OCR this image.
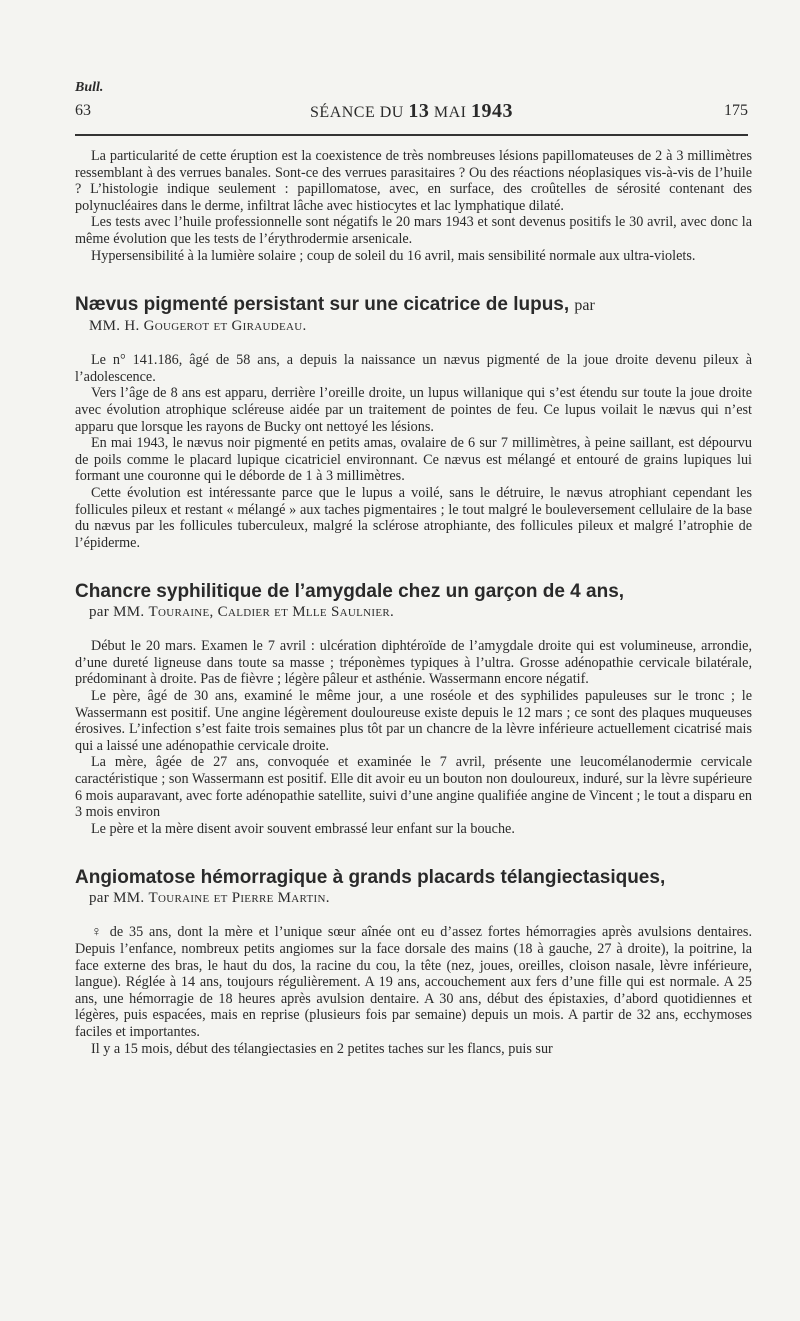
Bull.
63	SÉANCE DU 13 MAI 1943	175

La particularité de cette éruption est la coexistence de très nombreuses lésions papillomateuses de 2 à 3 millimètres ressemblant à des verrues banales. Sont-ce des verrues parasitaires ? Ou des réactions néoplasiques vis-à-vis de l’huile ? L’histologie indique seulement : papillomatose, avec, en surface, des croûtelles de sérosité contenant des polynucléaires dans le derme, infiltrat lâche avec histiocytes et lac lymphatique dilaté.

Les tests avec l’huile professionnelle sont négatifs le 20 mars 1943 et sont devenus positifs le 30 avril, avec donc la même évolution que les tests de l’érythrodermie arsenicale.

Hypersensibilité à la lumière solaire ; coup de soleil du 16 avril, mais sensibilité normale aux ultra-violets.

Nævus pigmenté persistant sur une cicatrice de lupus, par
MM. H. Gougerot et Giraudeau.

Le n° 141.186, âgé de 58 ans, a depuis la naissance un nævus pigmenté de la joue droite devenu pileux à l’adolescence.

Vers l’âge de 8 ans est apparu, derrière l’oreille droite, un lupus willanique qui s’est étendu sur toute la joue droite avec évolution atrophique scléreuse aidée par un traitement de pointes de feu. Ce lupus voilait le nævus qui n’est apparu que lorsque les rayons de Bucky ont nettoyé les lésions.

En mai 1943, le nævus noir pigmenté en petits amas, ovalaire de 6 sur 7 millimètres, à peine saillant, est dépourvu de poils comme le placard lupique cicatriciel environnant. Ce nævus est mélangé et entouré de grains lupiques lui formant une couronne qui le déborde de 1 à 3 millimètres.

Cette évolution est intéressante parce que le lupus a voilé, sans le détruire, le nævus atrophiant cependant les follicules pileux et restant « mélangé » aux taches pigmentaires ; le tout malgré le bouleversement cellulaire de la base du nævus par les follicules tuberculeux, malgré la sclérose atrophiante, des follicules pileux et malgré l’atrophie de l’épiderme.

Chancre syphilitique de l’amygdale chez un garçon de 4 ans,
par MM. Touraine, Caldier et Mlle Saulnier.

Début le 20 mars. Examen le 7 avril : ulcération diphtéroïde de l’amygdale droite qui est volumineuse, arrondie, d’une dureté ligneuse dans toute sa masse ; tréponèmes typiques à l’ultra. Grosse adénopathie cervicale bilatérale, prédominant à droite. Pas de fièvre ; légère pâleur et asthénie. Wassermann encore négatif.

Le père, âgé de 30 ans, examiné le même jour, a une roséole et des syphilides papuleuses sur le tronc ; le Wassermann est positif. Une angine légèrement douloureuse existe depuis le 12 mars ; ce sont des plaques muqueuses érosives. L’infection s’est faite trois semaines plus tôt par un chancre de la lèvre inférieure actuellement cicatrisé mais qui a laissé une adénopathie cervicale droite.

La mère, âgée de 27 ans, convoquée et examinée le 7 avril, présente une leucomélanodermie cervicale caractéristique ; son Wassermann est positif. Elle dit avoir eu un bouton non douloureux, induré, sur la lèvre supérieure 6 mois auparavant, avec forte adénopathie satellite, suivi d’une angine qualifiée angine de Vincent ; le tout a disparu en 3 mois environ

Le père et la mère disent avoir souvent embrassé leur enfant sur la bouche.

Angiomatose hémorragique à grands placards télangiectasiques,
par MM. Touraine et Pierre Martin.

♀ de 35 ans, dont la mère et l’unique sœur aînée ont eu d’assez fortes hémorragies après avulsions dentaires. Depuis l’enfance, nombreux petits angiomes sur la face dorsale des mains (18 à gauche, 27 à droite), la poitrine, la face externe des bras, le haut du dos, la racine du cou, la tête (nez, joues, oreilles, cloison nasale, lèvre inférieure, langue). Réglée à 14 ans, toujours régulièrement. A 19 ans, accouchement aux fers d’une fille qui est normale. A 25 ans, une hémorragie de 18 heures après avulsion dentaire. A 30 ans, début des épistaxies, d’abord quotidiennes et légères, puis espacées, mais en reprise (plusieurs fois par semaine) depuis un mois. A partir de 32 ans, ecchymoses faciles et importantes.

Il y a 15 mois, début des télangiectasies en 2 petites taches sur les flancs, puis sur
